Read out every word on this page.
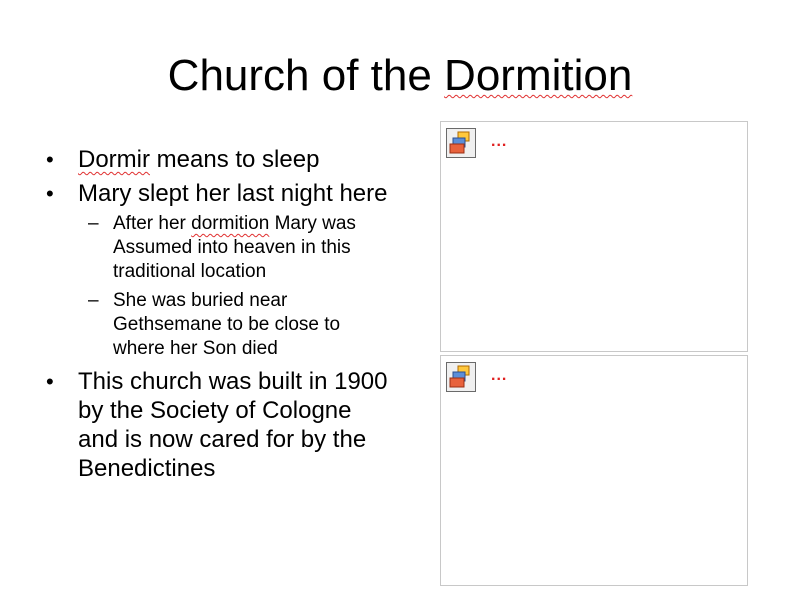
Church of the Dormition
• Dormir means to sleep
• Mary slept her last night here
– After her dormition Mary was Assumed into heaven in this traditional location
– She was buried near Gethsemane to be close to where her Son died
• This church was built in 1900 by the Society of Cologne and is now cared for by the Benedictines
...
...
